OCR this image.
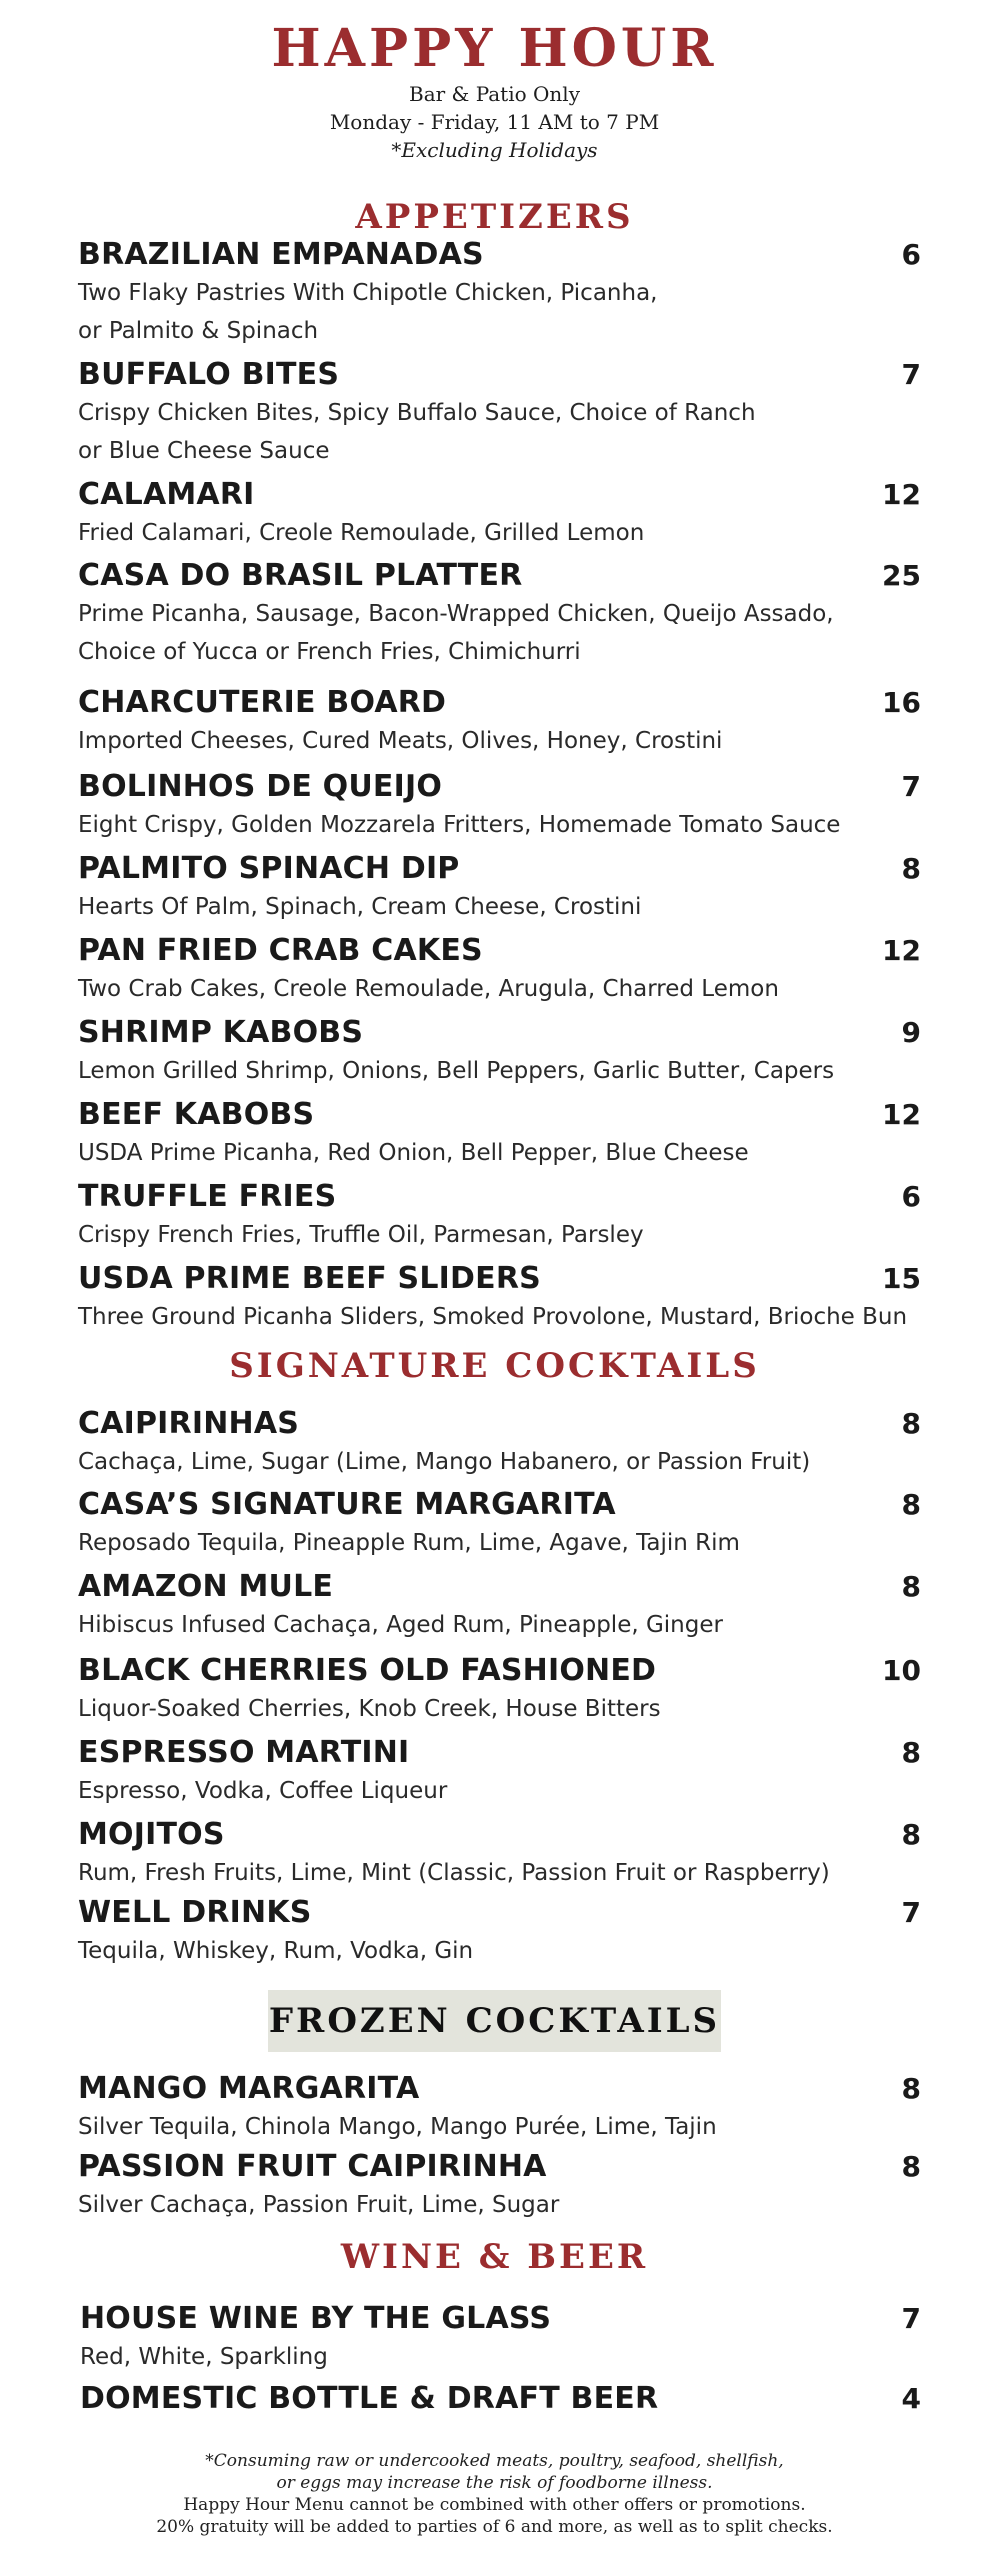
HAPPY HOUR
Bar & Patio Only
Monday - Friday, 11 AM to 7 PM
*Excluding Holidays
APPETIZERS
BRAZILIAN EMPANADAS	6
Two Flaky Pastries With Chipotle Chicken, Picanha,
or Palmito & Spinach
BUFFALO BITES	7
Crispy Chicken Bites, Spicy Buffalo Sauce, Choice of Ranch
or Blue Cheese Sauce
CALAMARI	12
Fried Calamari, Creole Remoulade, Grilled Lemon
CASA DO BRASIL PLATTER	25
Prime Picanha, Sausage, Bacon-Wrapped Chicken, Queijo Assado,
Choice of Yucca or French Fries, Chimichurri
CHARCUTERIE BOARD	16
Imported Cheeses, Cured Meats, Olives, Honey, Crostini
BOLINHOS DE QUEIJO	7
Eight Crispy, Golden Mozzarela Fritters, Homemade Tomato Sauce
PALMITO SPINACH DIP	8
Hearts Of Palm, Spinach, Cream Cheese, Crostini
PAN FRIED CRAB CAKES	12
Two Crab Cakes, Creole Remoulade, Arugula, Charred Lemon
SHRIMP KABOBS	9
Lemon Grilled Shrimp, Onions, Bell Peppers, Garlic Butter, Capers
BEEF KABOBS	12
USDA Prime Picanha, Red Onion, Bell Pepper, Blue Cheese
TRUFFLE FRIES	6
Crispy French Fries, Truffle Oil, Parmesan, Parsley
USDA PRIME BEEF SLIDERS	15
Three Ground Picanha Sliders, Smoked Provolone, Mustard, Brioche Bun
SIGNATURE COCKTAILS
CAIPIRINHAS	8
Cachaça, Lime, Sugar (Lime, Mango Habanero, or Passion Fruit)
CASA’S SIGNATURE MARGARITA	8
Reposado Tequila, Pineapple Rum, Lime, Agave, Tajin Rim
AMAZON MULE	8
Hibiscus Infused Cachaça, Aged Rum, Pineapple, Ginger
BLACK CHERRIES OLD FASHIONED	10
Liquor-Soaked Cherries, Knob Creek, House Bitters
ESPRESSO MARTINI	8
Espresso, Vodka, Coffee Liqueur
MOJITOS	8
Rum, Fresh Fruits, Lime, Mint (Classic, Passion Fruit or Raspberry)
WELL DRINKS	7
Tequila, Whiskey, Rum, Vodka, Gin
FROZEN COCKTAILS
MANGO MARGARITA	8
Silver Tequila, Chinola Mango, Mango Purée, Lime, Tajin
PASSION FRUIT CAIPIRINHA	8
Silver Cachaça, Passion Fruit, Lime, Sugar
WINE & BEER
HOUSE WINE BY THE GLASS	7
Red, White, Sparkling
DOMESTIC BOTTLE & DRAFT BEER	4
*Consuming raw or undercooked meats, poultry, seafood, shellfish,
or eggs may increase the risk of foodborne illness.
Happy Hour Menu cannot be combined with other offers or promotions.
20% gratuity will be added to parties of 6 and more, as well as to split checks.
